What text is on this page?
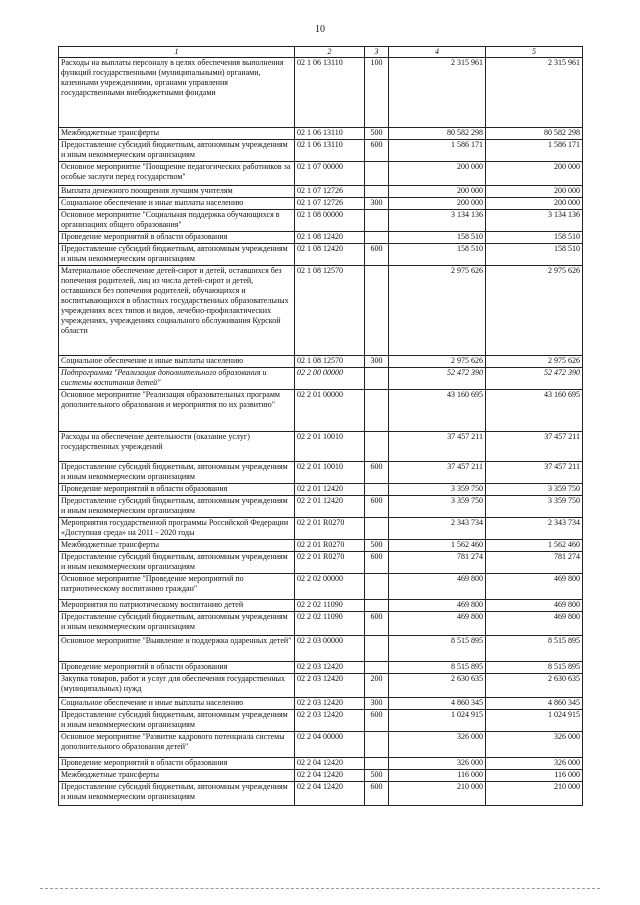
10
1	2	3	4	5
Расходы на выплаты персоналу в целях обеспечения выполнения функций государственными (муниципальными) органами, казенными учреждениями, органами управления государственными внебюджетными фондами	02 1 06 13110	100	2 315 961	2 315 961
Межбюджетные трансферты	02 1 06 13110	500	80 582 298	80 582 298
Предоставление субсидий бюджетным, автономным учреждениям и иным некоммерческим организациям	02 1 06 13110	600	1 586 171	1 586 171
Основное мероприятие "Поощрение педагогических работников за особые заслуги перед государством"	02 1 07 00000		200 000	200 000
Выплата денежного поощрения лучшим учителям	02 1 07 12726		200 000	200 000
Социальное обеспечение и иные выплаты населению	02 1 07 12726	300	200 000	200 000
Основное мероприятие "Социальная поддержка обучающихся в организациях общего образования"	02 1 08 00000		3 134 136	3 134 136
Проведение мероприятий в области образования	02 1 08 12420		158 510	158 510
Предоставление субсидий бюджетным, автономным учреждениям и иным некоммерческим организациям	02 1 08 12420	600	158 510	158 510
Материальное обеспечение детей-сирот и детей, оставшихся без попечения родителей, лиц из числа детей-сирот и детей, оставшихся без попечения родителей, обучающихся и воспитывающихся в областных государственных образовательных учреждениях всех типов и видов, лечебно-профилактических учреждениях, учреждениях социального обслуживания Курской области	02 1 08 12570		2 975 626	2 975 626
Социальное обеспечение и иные выплаты населению	02 1 08 12570	300	2 975 626	2 975 626
Подпрограмма "Реализация дополнительного образования и системы воспитания детей"	02 2 00 00000		52 472 390	52 472 390
Основное мероприятие "Реализация образовательных программ дополнительного образования и мероприятия по их развитию"	02 2 01 00000		43 160 695	43 160 695
Расходы на обеспечение деятельности (оказание услуг) государственных учреждений	02 2 01 10010		37 457 211	37 457 211
Предоставление субсидий бюджетным, автономным учреждениям и иным некоммерческим организациям	02 2 01 10010	600	37 457 211	37 457 211
Проведение мероприятий в области образования	02 2 01 12420		3 359 750	3 359 750
Предоставление субсидий бюджетным, автономным учреждениям и иным некоммерческим организациям	02 2 01 12420	600	3 359 750	3 359 750
Мероприятия государственной программы Российской Федерации «Доступная среда» на 2011 - 2020 годы	02 2 01 R0270		2 343 734	2 343 734
Межбюджетные трансферты	02 2 01 R0270	500	1 562 460	1 562 460
Предоставление субсидий бюджетным, автономным учреждениям и иным некоммерческим организациям	02 2 01 R0270	600	781 274	781 274
Основное мероприятие "Проведение мероприятий по патриотическому воспитанию граждан"	02 2 02 00000		469 800	469 800
Мероприятия по патриотическому воспитанию детей	02 2 02 11090		469 800	469 800
Предоставление субсидий бюджетным, автономным учреждениям и иным некоммерческим организациям	02 2 02 11090	600	469 800	469 800
Основное мероприятие "Выявление и поддержка одаренных детей"	02 2 03 00000		8 515 895	8 515 895
Проведение мероприятий в области образования	02 2 03 12420		8 515 895	8 515 895
Закупка товаров, работ и услуг для обеспечения государственных (муниципальных) нужд	02 2 03 12420	200	2 630 635	2 630 635
Социальное обеспечение и иные выплаты населению	02 2 03 12420	300	4 860 345	4 860 345
Предоставление субсидий бюджетным, автономным учреждениям и иным некоммерческим организациям	02 2 03 12420	600	1 024 915	1 024 915
Основное мероприятие "Развитие кадрового потенциала системы дополнительного образования детей"	02 2 04 00000		326 000	326 000
Проведение мероприятий в области образования	02 2 04 12420		326 000	326 000
Межбюджетные трансферты	02 2 04 12420	500	116 000	116 000
Предоставление субсидий бюджетным, автономным учреждениям и иным некоммерческим организациям	02 2 04 12420	600	210 000	210 000
